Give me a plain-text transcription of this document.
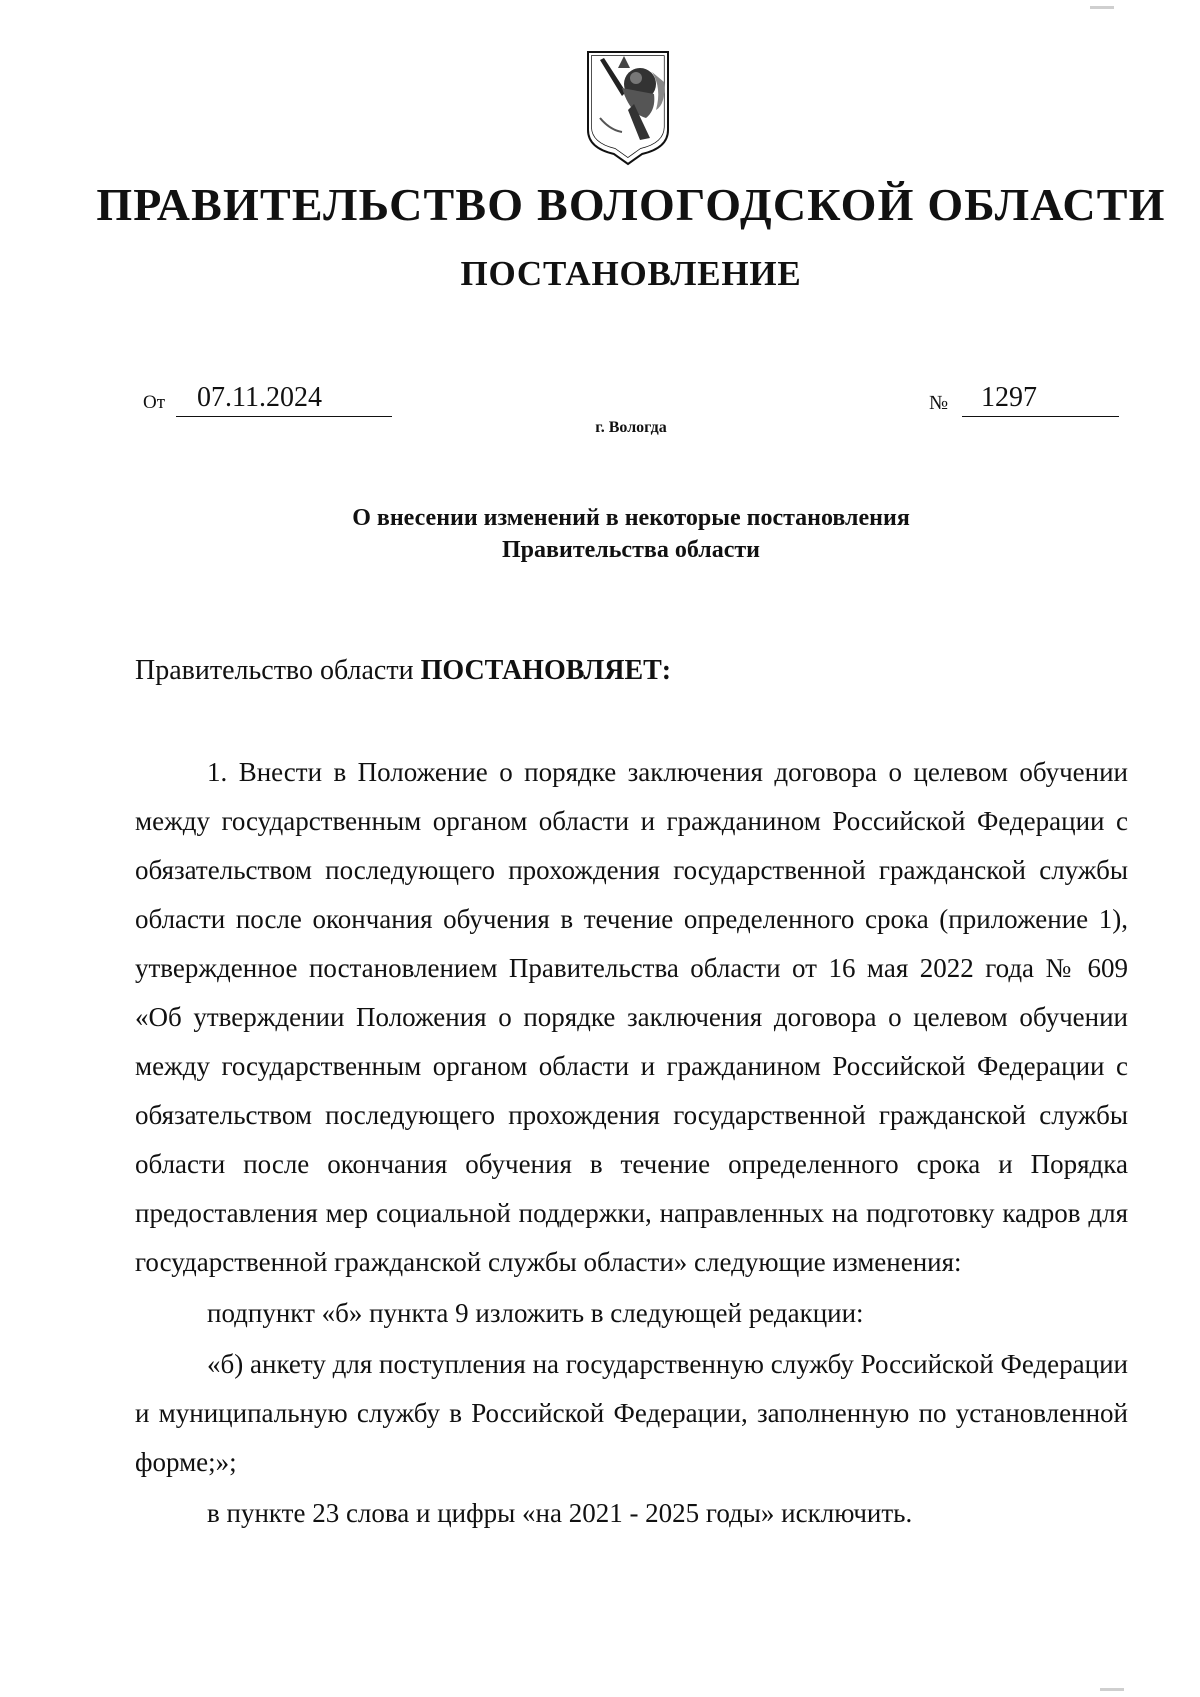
ПРАВИТЕЛЬСТВО ВОЛОГОДСКОЙ ОБЛАСТИ
ПОСТАНОВЛЕНИЕ
От 07.11.2024	№ 1297
г. Вологда
О внесении изменений в некоторые постановления
Правительства области
Правительство области ПОСТАНОВЛЯЕТ:

1. Внести в Положение о порядке заключения договора о целевом обучении между государственным органом области и гражданином Российской Федерации с обязательством последующего прохождения государственной гражданской службы области после окончания обучения в течение определенного срока (приложение 1), утвержденное постановлением Правительства области от 16 мая 2022 года № 609 «Об утверждении Положения о порядке заключения договора о целевом обучении между государственным органом области и гражданином Российской Федерации с обязательством последующего прохождения государственной гражданской службы области после окончания обучения в течение определенного срока и Порядка предоставления мер социальной поддержки, направленных на подготовку кадров для государственной гражданской службы области» следующие изменения:

подпункт «б» пункта 9 изложить в следующей редакции:

«б) анкету для поступления на государственную службу Российской Федерации и муниципальную службу в Российской Федерации, заполненную по установленной форме;»;

в пункте 23 слова и цифры «на 2021 - 2025 годы» исключить.
